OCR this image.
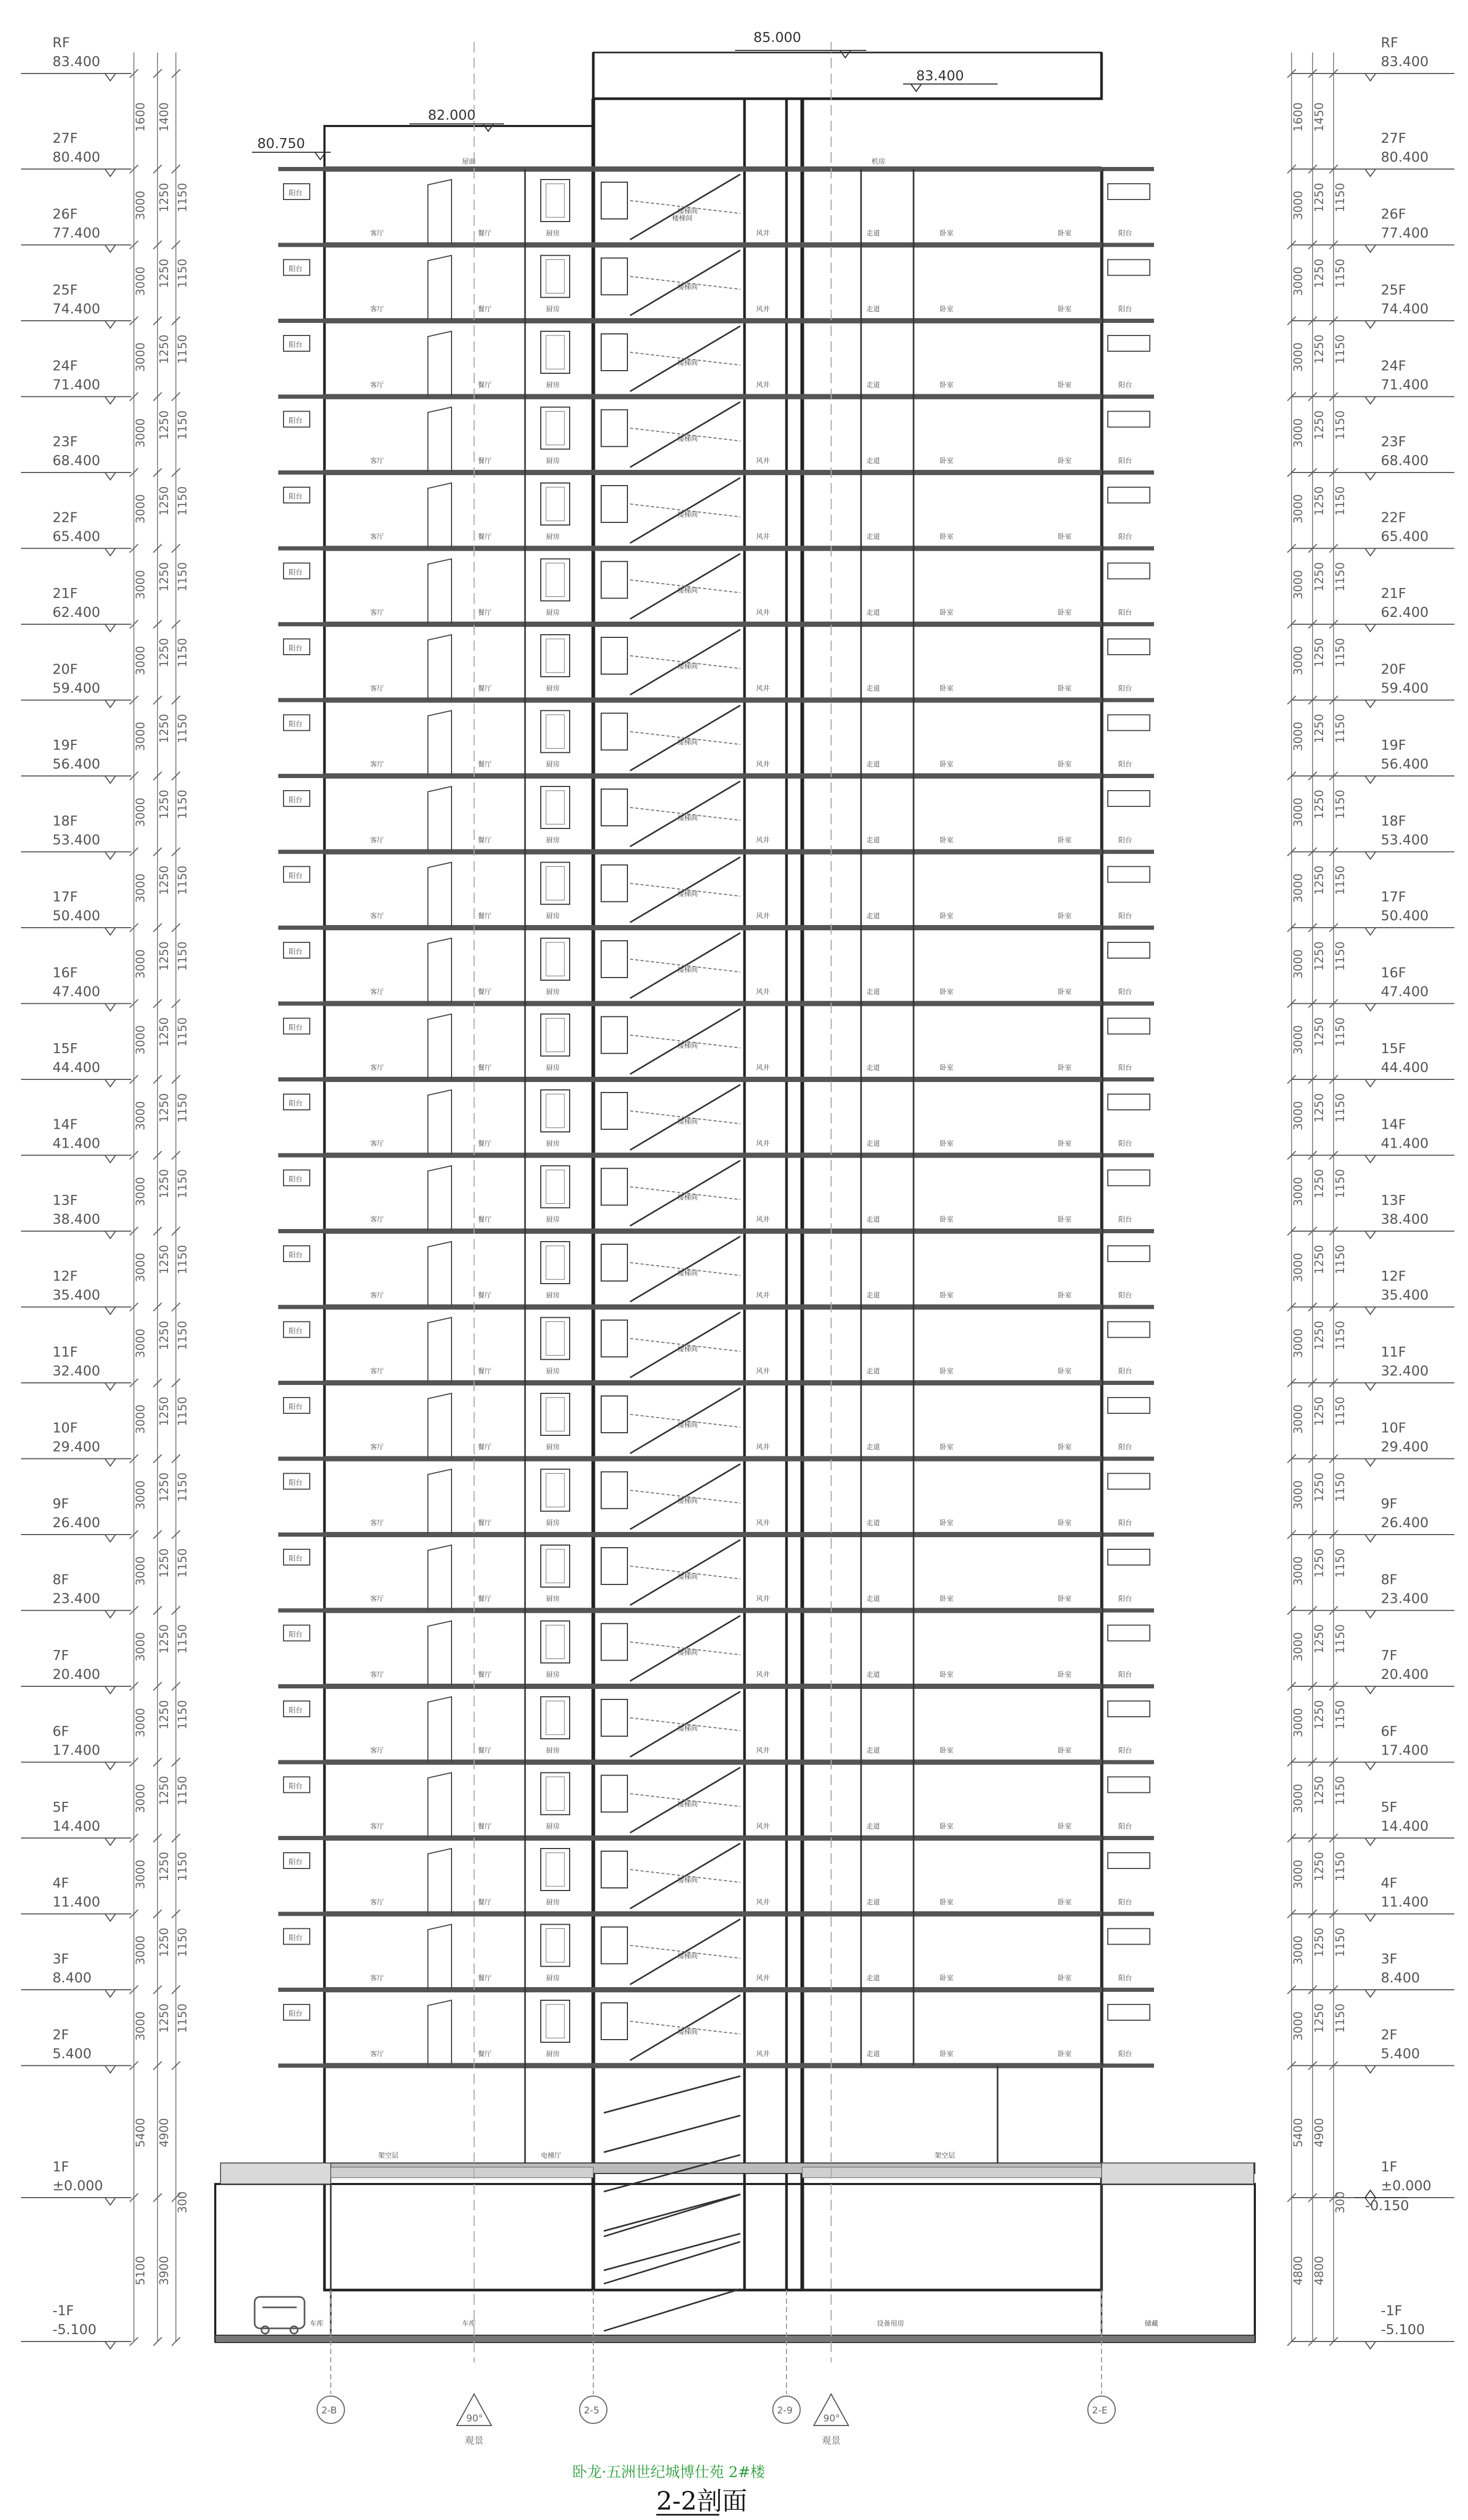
客厅	餐厅	厨房
阳台
楼梯间
风井	走道	卧室	卧室	阳台
客厅	餐厅	厨房
阳台
楼梯间
风井	走道	卧室	卧室	阳台
客厅	餐厅	厨房
阳台
楼梯间
风井	走道	卧室	卧室	阳台
客厅	餐厅	厨房
阳台
楼梯间
风井	走道	卧室	卧室	阳台
客厅	餐厅	厨房
阳台
楼梯间
风井	走道	卧室	卧室	阳台
客厅	餐厅	厨房
阳台
楼梯间
风井	走道	卧室	卧室	阳台
客厅	餐厅	厨房
阳台
楼梯间
风井	走道	卧室	卧室	阳台
客厅	餐厅	厨房
阳台
楼梯间
风井	走道	卧室	卧室	阳台
客厅	餐厅	厨房
阳台
楼梯间
风井	走道	卧室	卧室	阳台
客厅	餐厅	厨房
阳台
楼梯间
风井	走道	卧室	卧室	阳台
客厅	餐厅	厨房
阳台
楼梯间
风井	走道	卧室	卧室	阳台
客厅	餐厅	厨房
阳台
楼梯间
风井	走道	卧室	卧室	阳台
客厅	餐厅	厨房
阳台
楼梯间
风井	走道	卧室	卧室	阳台
客厅	餐厅	厨房
阳台
楼梯间
风井	走道	卧室	卧室	阳台
客厅	餐厅	厨房
阳台
楼梯间
风井	走道	卧室	卧室	阳台
客厅	餐厅	厨房
阳台
楼梯间
风井	走道	卧室	卧室	阳台
客厅	餐厅	厨房
阳台
楼梯间
风井	走道	卧室	卧室	阳台
客厅	餐厅	厨房
阳台
楼梯间
风井	走道	卧室	卧室	阳台
客厅	餐厅	厨房
阳台
楼梯间
风井	走道	卧室	卧室	阳台
客厅	餐厅	厨房
阳台
楼梯间
风井	走道	卧室	卧室	阳台
客厅	餐厅	厨房
阳台
楼梯间
风井	走道	卧室	卧室	阳台
客厅	餐厅	厨房
阳台
楼梯间
风井	走道	卧室	卧室	阳台
客厅	餐厅	厨房
阳台
楼梯间
风井	走道	卧室	卧室	阳台
客厅	餐厅	厨房
阳台
楼梯间
风井	走道	卧室	卧室	阳台
客厅	餐厅	厨房
阳台
楼梯间
风井	走道	卧室	卧室	阳台
屋面	机房
楼梯间
架空层	电梯厅	架空层
车库	车库	设备用房	储藏
RF
83.400
27F
80.400
26F
77.400
25F
74.400
24F
71.400
23F
68.400
22F
65.400
21F
62.400
20F
59.400
19F
56.400
18F
53.400
17F
50.400
16F
47.400
15F
44.400
14F
41.400
13F
38.400
12F
35.400
11F
32.400
10F
29.400
9F
26.400
8F
23.400
7F
20.400
6F
17.400
5F
14.400
4F
11.400
3F
8.400
2F
5.400
1F
±0.000
-1F
-5.100
RF
83.400
27F
80.400
26F
77.400
25F
74.400
24F
71.400
23F
68.400
22F
65.400
21F
62.400
20F
59.400
19F
56.400
18F
53.400
17F
50.400
16F
47.400
15F
44.400
14F
41.400
13F
38.400
12F
35.400
11F
32.400
10F
29.400
9F
26.400
8F
23.400
7F
20.400
6F
17.400
5F
14.400
4F
11.400
3F
8.400
2F
5.400
1F
±0.000
-1F
-5.100
3000 1250 1150
3000 1250 1150
3000 1250 1150
3000 1250 1150
3000 1250 1150
3000 1250 1150
3000 1250 1150
3000 1250 1150
3000 1250 1150
3000 1250 1150
3000 1250 1150
3000 1250 1150
3000 1250 1150
3000 1250 1150
3000 1250 1150
3000 1250 1150
3000 1250 1150
3000 1250 1150
3000 1250 1150
3000 1250 1150
3000 1250 1150
3000 1250 1150
3000 1250 1150
3000 1250 1150
3000 1250 1150
1600 1400
5400 4900
5100 3900
300
3000 1250 1150
3000 1250 1150
3000 1250 1150
3000 1250 1150
3000 1250 1150
3000 1250 1150
3000 1250 1150
3000 1250 1150
3000 1250 1150
3000 1250 1150
3000 1250 1150
3000 1250 1150
3000 1250 1150
3000 1250 1150
3000 1250 1150
3000 1250 1150
3000 1250 1150
3000 1250 1150
3000 1250 1150
3000 1250 1150
3000 1250 1150
3000 1250 1150
3000 1250 1150
3000 1250 1150
3000 1250 1150
1600 1450
5400 4900
4800 4800
300
85.000
83.400
82.000
80.750
-0.150
2-B	2-5	2-9	2-E
90°
观景
90°
观景
卧龙·五洲世纪城博仕苑 2#楼
2-2剖面
